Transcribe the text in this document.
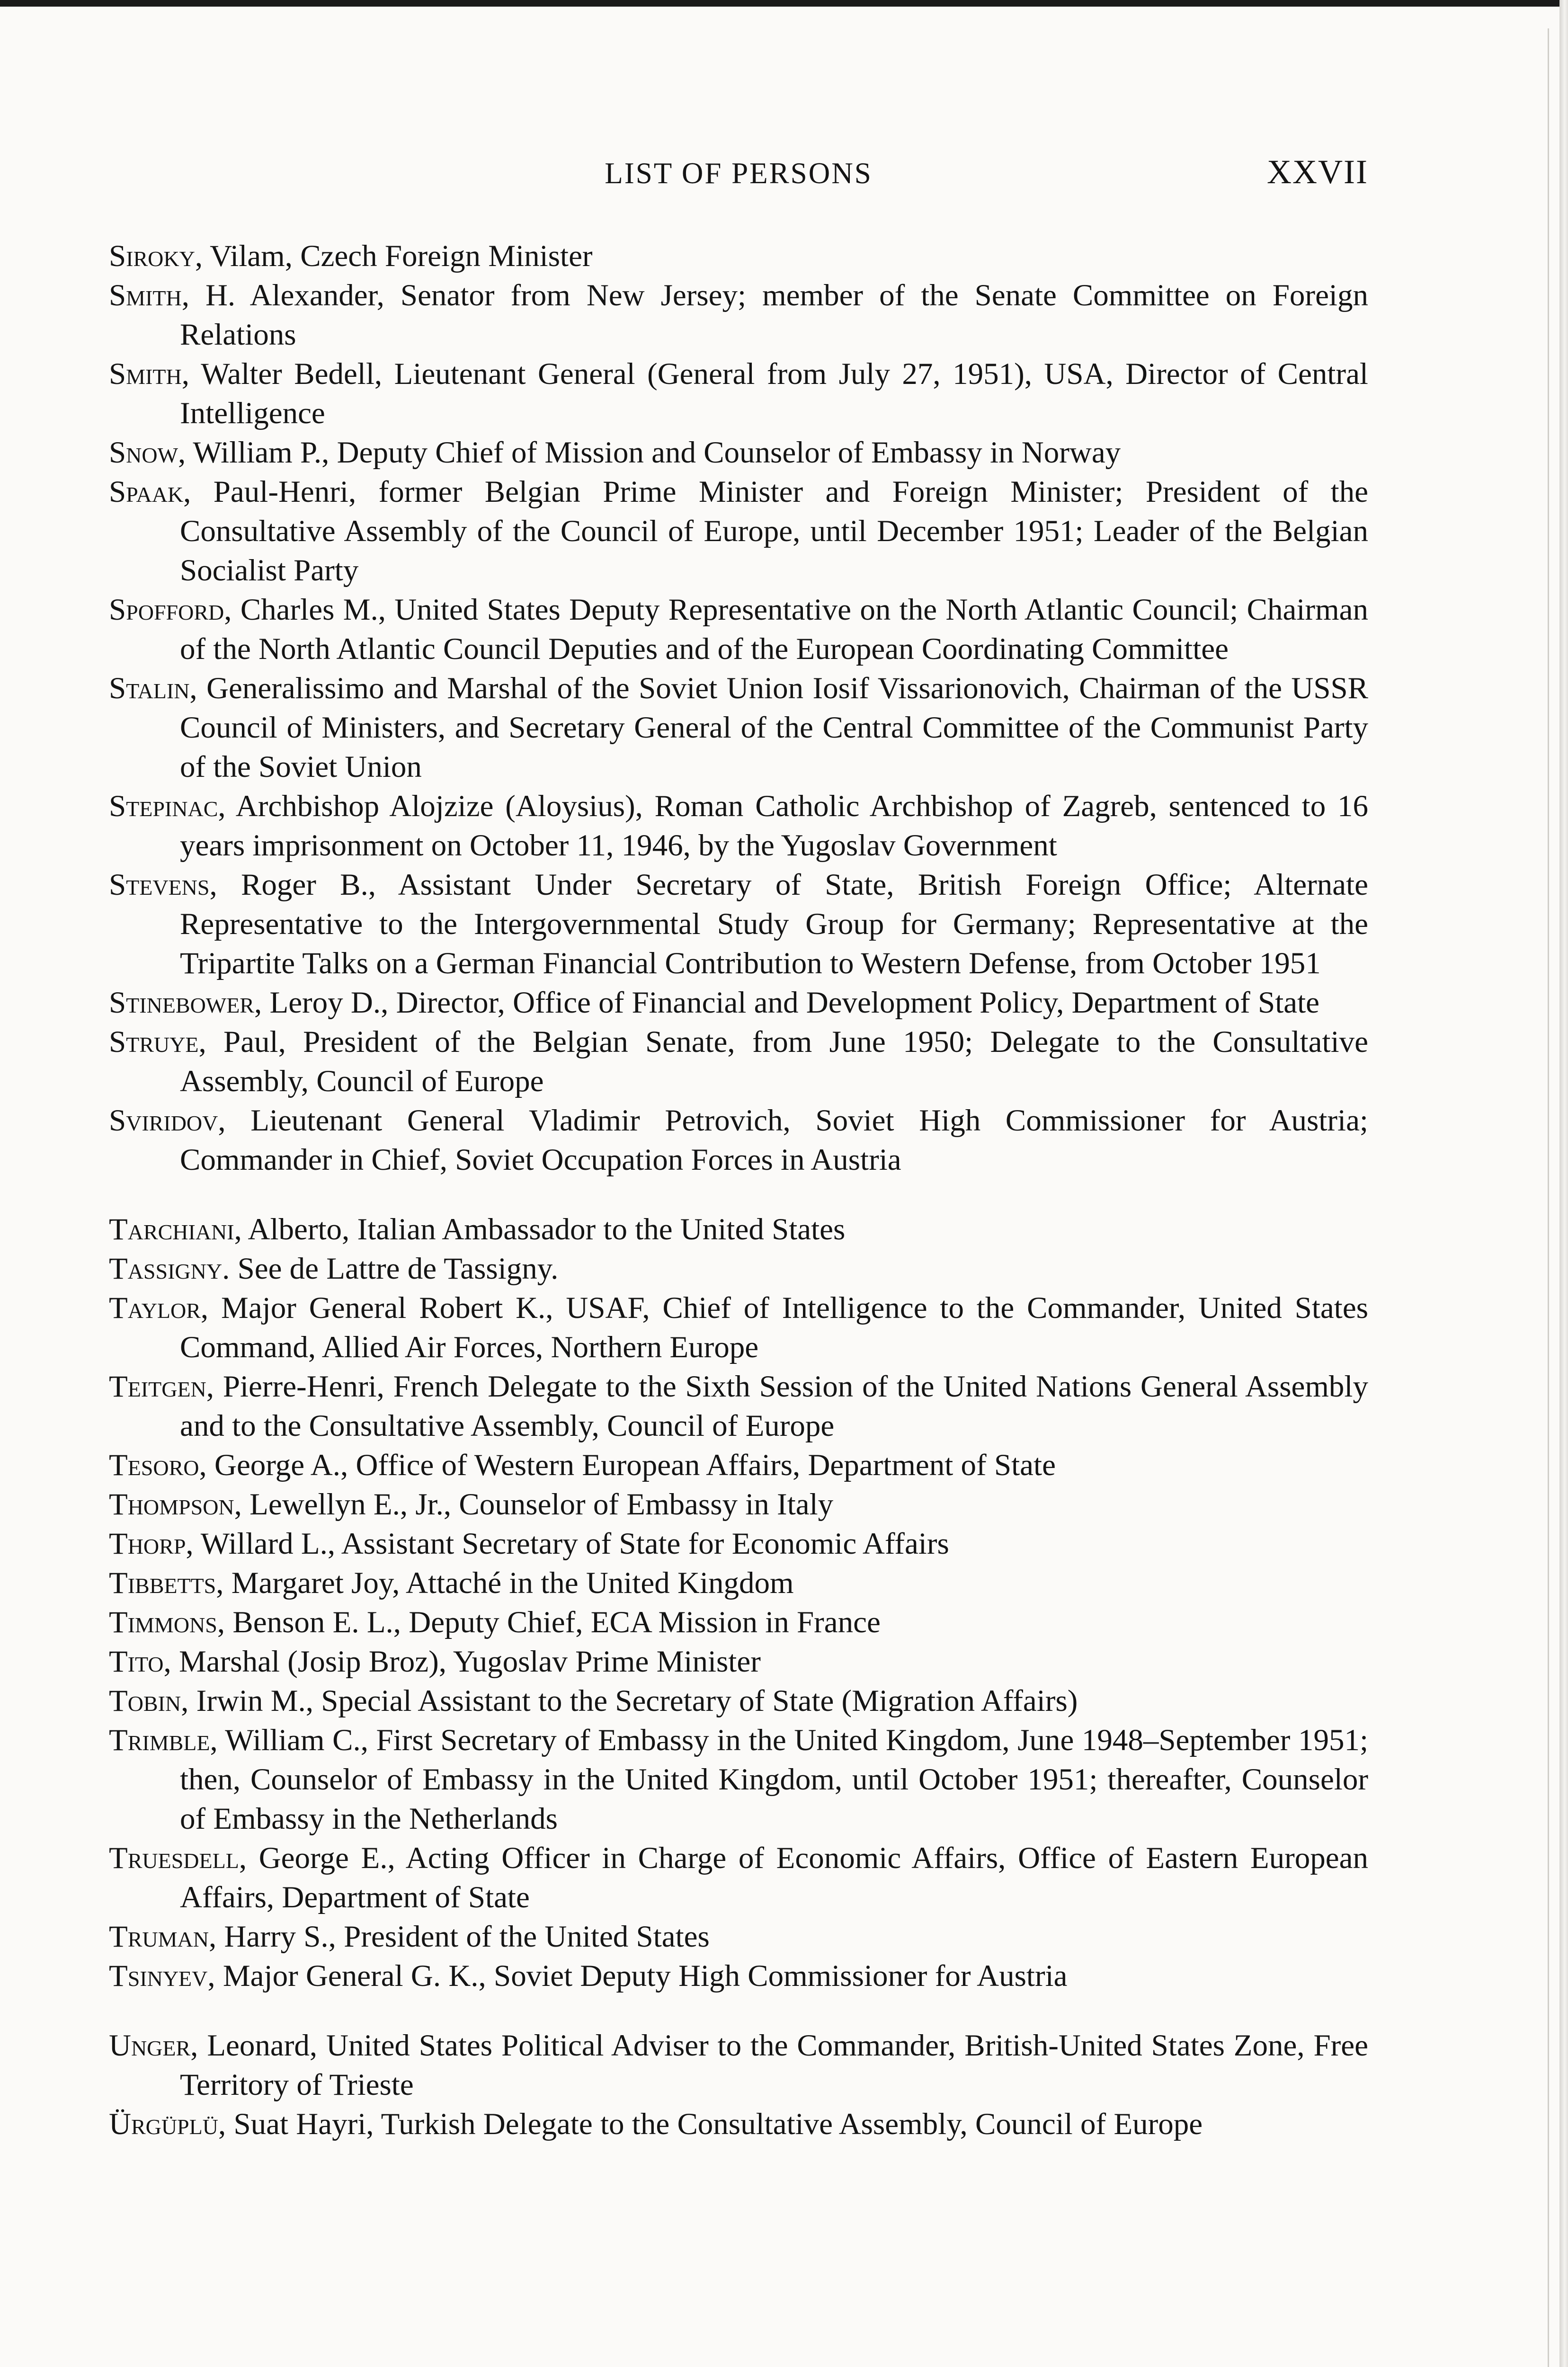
LIST OF PERSONS	XXVII
Siroky, Vilam, Czech Foreign Minister
Smith, H. Alexander, Senator from New Jersey; member of the Senate Committee on Foreign Relations
Smith, Walter Bedell, Lieutenant General (General from July 27, 1951), USA, Director of Central Intelligence
Snow, William P., Deputy Chief of Mission and Counselor of Embassy in Norway
Spaak, Paul-Henri, former Belgian Prime Minister and Foreign Minister; President of the Consultative Assembly of the Council of Europe, until December 1951; Leader of the Belgian Socialist Party
Spofford, Charles M., United States Deputy Representative on the North Atlantic Council; Chairman of the North Atlantic Council Deputies and of the European Coordinating Committee
Stalin, Generalissimo and Marshal of the Soviet Union Iosif Vissarionovich, Chairman of the USSR Council of Ministers, and Secretary General of the Central Committee of the Communist Party of the Soviet Union
Stepinac, Archbishop Alojzize (Aloysius), Roman Catholic Archbishop of Zagreb, sentenced to 16 years imprisonment on October 11, 1946, by the Yugoslav Government
Stevens, Roger B., Assistant Under Secretary of State, British Foreign Office; Alternate Representative to the Intergovernmental Study Group for Germany; Representative at the Tripartite Talks on a German Financial Contribution to Western Defense, from October 1951
Stinebower, Leroy D., Director, Office of Financial and Development Policy, Department of State
Struye, Paul, President of the Belgian Senate, from June 1950; Delegate to the Consultative Assembly, Council of Europe
Sviridov, Lieutenant General Vladimir Petrovich, Soviet High Commissioner for Austria; Commander in Chief, Soviet Occupation Forces in Austria
Tarchiani, Alberto, Italian Ambassador to the United States
Tassigny. See de Lattre de Tassigny.
Taylor, Major General Robert K., USAF, Chief of Intelligence to the Commander, United States Command, Allied Air Forces, Northern Europe
Teitgen, Pierre-Henri, French Delegate to the Sixth Session of the United Nations General Assembly and to the Consultative Assembly, Council of Europe
Tesoro, George A., Office of Western European Affairs, Department of State
Thompson, Lewellyn E., Jr., Counselor of Embassy in Italy
Thorp, Willard L., Assistant Secretary of State for Economic Affairs
Tibbetts, Margaret Joy, Attaché in the United Kingdom
Timmons, Benson E. L., Deputy Chief, ECA Mission in France
Tito, Marshal (Josip Broz), Yugoslav Prime Minister
Tobin, Irwin M., Special Assistant to the Secretary of State (Migration Affairs)
Trimble, William C., First Secretary of Embassy in the United Kingdom, June 1948–September 1951; then, Counselor of Embassy in the United Kingdom, until October 1951; thereafter, Counselor of Embassy in the Netherlands
Truesdell, George E., Acting Officer in Charge of Economic Affairs, Office of Eastern European Affairs, Department of State
Truman, Harry S., President of the United States
Tsinyev, Major General G. K., Soviet Deputy High Commissioner for Austria
Unger, Leonard, United States Political Adviser to the Commander, British-United States Zone, Free Territory of Trieste
Ürgüplü, Suat Hayri, Turkish Delegate to the Consultative Assembly, Council of Europe
